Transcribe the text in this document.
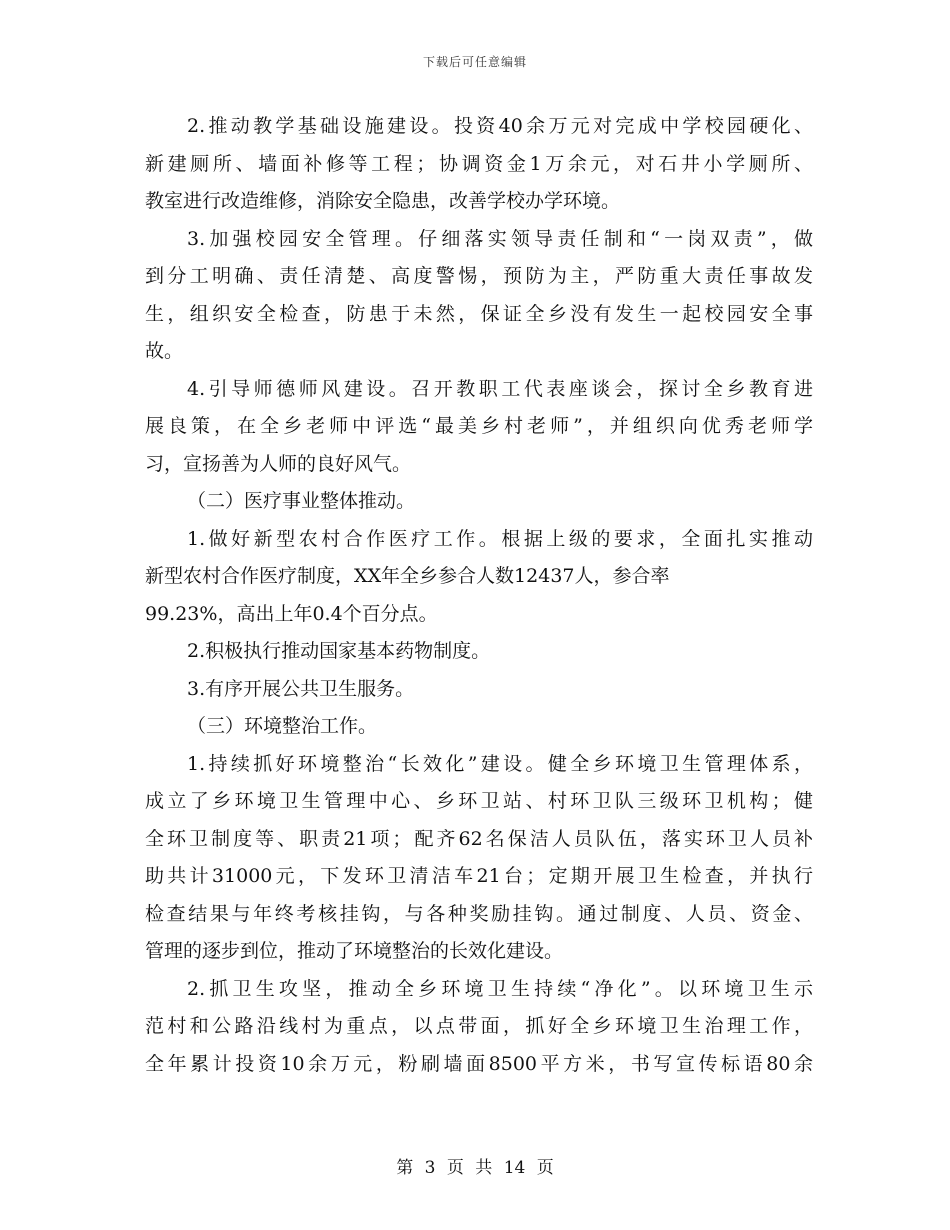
下载后可任意编辑
2.推动教学基础设施建设。投资40余万元对完成中学校园硬化、
新建厕所、墙面补修等工程；协调资金1万余元，对石井小学厕所、
教室进行改造维修，消除安全隐患，改善学校办学环境。
3.加强校园安全管理。仔细落实领导责任制和“一岗双责”，做
到分工明确、责任清楚、高度警惕，预防为主，严防重大责任事故发
生，组织安全检查，防患于未然，保证全乡没有发生一起校园安全事
故。
4.引导师德师风建设。召开教职工代表座谈会，探讨全乡教育进
展良策，在全乡老师中评选“最美乡村老师”，并组织向优秀老师学
习，宣扬善为人师的良好风气。
（二）医疗事业整体推动。
1.做好新型农村合作医疗工作。根据上级的要求，全面扎实推动
新型农村合作医疗制度，XX年全乡参合人数12437人，参合率
99.23%，高出上年0.4个百分点。
2.积极执行推动国家基本药物制度。
3.有序开展公共卫生服务。
（三）环境整治工作。
1.持续抓好环境整治“长效化”建设。健全乡环境卫生管理体系，
成立了乡环境卫生管理中心、乡环卫站、村环卫队三级环卫机构；健
全环卫制度等、职责21项；配齐62名保洁人员队伍，落实环卫人员补
助共计31000元，下发环卫清洁车21台；定期开展卫生检查，并执行
检查结果与年终考核挂钩，与各种奖励挂钩。通过制度、人员、资金、
管理的逐步到位，推动了环境整治的长效化建设。
2.抓卫生攻坚，推动全乡环境卫生持续“净化”。以环境卫生示
范村和公路沿线村为重点，以点带面，抓好全乡环境卫生治理工作，
全年累计投资10余万元，粉刷墙面8500平方米，书写宣传标语80余
第 3 页 共 14 页
